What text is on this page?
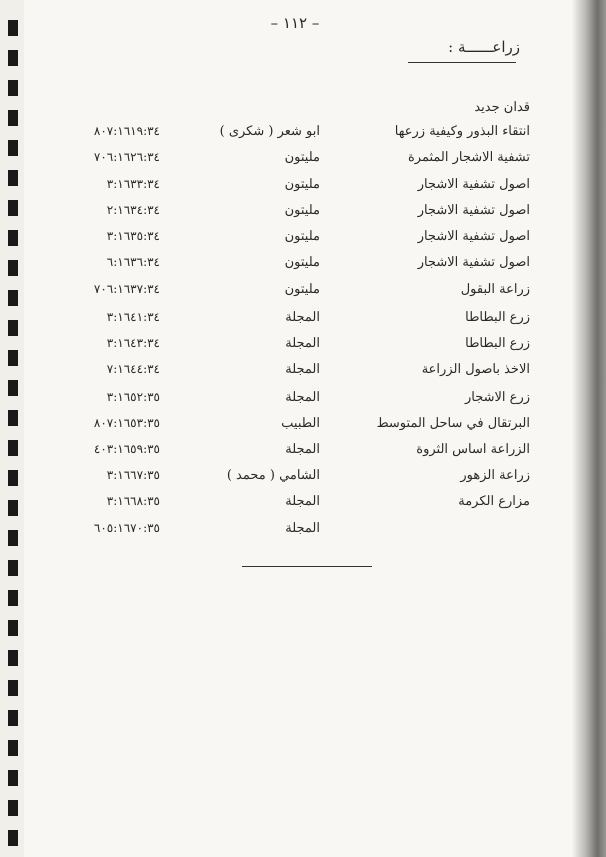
– ١١٢ –
زراعــــــة :
قدان جديد
انتقاء البذور وكيفية زرعها
ابو شعر ( شكرى )
٨٠٧:١٦١٩:٣٤
تشفية الاشجار المثمرة
مليتون
٧٠٦:١٦٢٦:٣٤
اصول تشفية الاشجار
مليتون
٣:١٦٣٣:٣٤
اصول تشفية الاشجار
مليتون
٢:١٦٣٤:٣٤
اصول تشفية الاشجار
مليتون
٣:١٦٣٥:٣٤
اصول تشفية الاشجار
مليتون
٦:١٦٣٦:٣٤
زراعة البقول
مليتون
٧٠٦:١٦٣٧:٣٤
زرع البطاطا
المجلة
٣:١٦٤١:٣٤
زرع البطاطا
المجلة
٣:١٦٤٣:٣٤
الاخذ باصول الزراعة
المجلة
٧:١٦٤٤:٣٤
زرع الاشجار
المجلة
٣:١٦٥٢:٣٥
البرتقال في ساحل المتوسط
الطبيب
٨٠٧:١٦٥٣:٣٥
الزراعة اساس الثروة
المجلة
٤٠٣:١٦٥٩:٣٥
زراعة الزهور
الشامي ( محمد )
٣:١٦٦٧:٣٥
مزارع الكرمة
المجلة
٣:١٦٦٨:٣٥
المجلة
٦٠٥:١٦٧٠:٣٥
